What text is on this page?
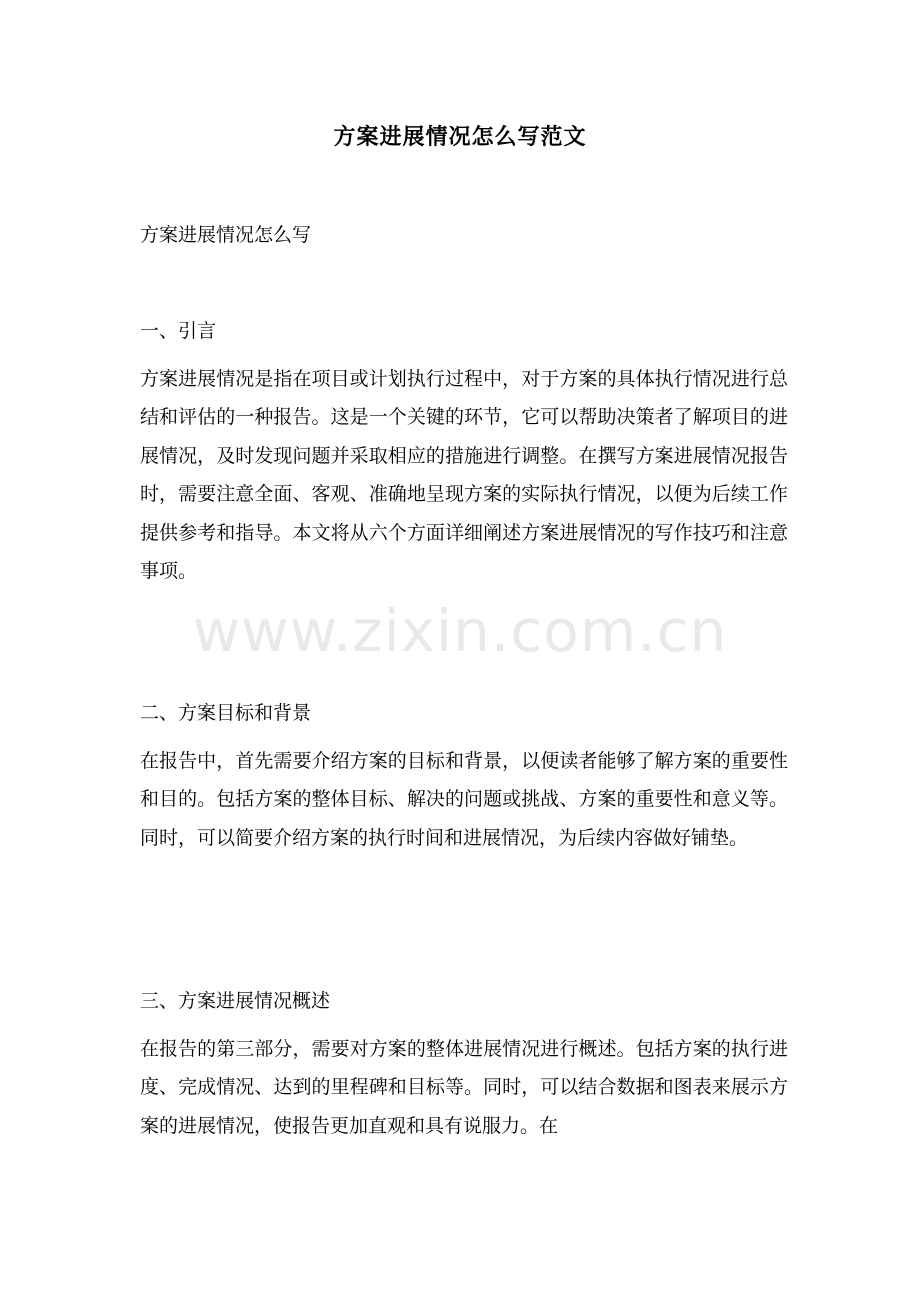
方案进展情况怎么写范文
方案进展情况怎么写
一、引言
方案进展情况是指在项目或计划执行过程中，对于方案的具体执行情况进行总结和评估的一种报告。这是一个关键的环节，它可以帮助决策者了解项目的进展情况，及时发现问题并采取相应的措施进行调整。在撰写方案进展情况报告时，需要注意全面、客观、准确地呈现方案的实际执行情况，以便为后续工作提供参考和指导。本文将从六个方面详细阐述方案进展情况的写作技巧和注意事项。
二、方案目标和背景
在报告中，首先需要介绍方案的目标和背景，以便读者能够了解方案的重要性和目的。包括方案的整体目标、解决的问题或挑战、方案的重要性和意义等。同时，可以简要介绍方案的执行时间和进展情况，为后续内容做好铺垫。
三、方案进展情况概述
在报告的第三部分，需要对方案的整体进展情况进行概述。包括方案的执行进度、完成情况、达到的里程碑和目标等。同时，可以结合数据和图表来展示方案的进展情况，使报告更加直观和具有说服力。在
www.zixin.com.cn
